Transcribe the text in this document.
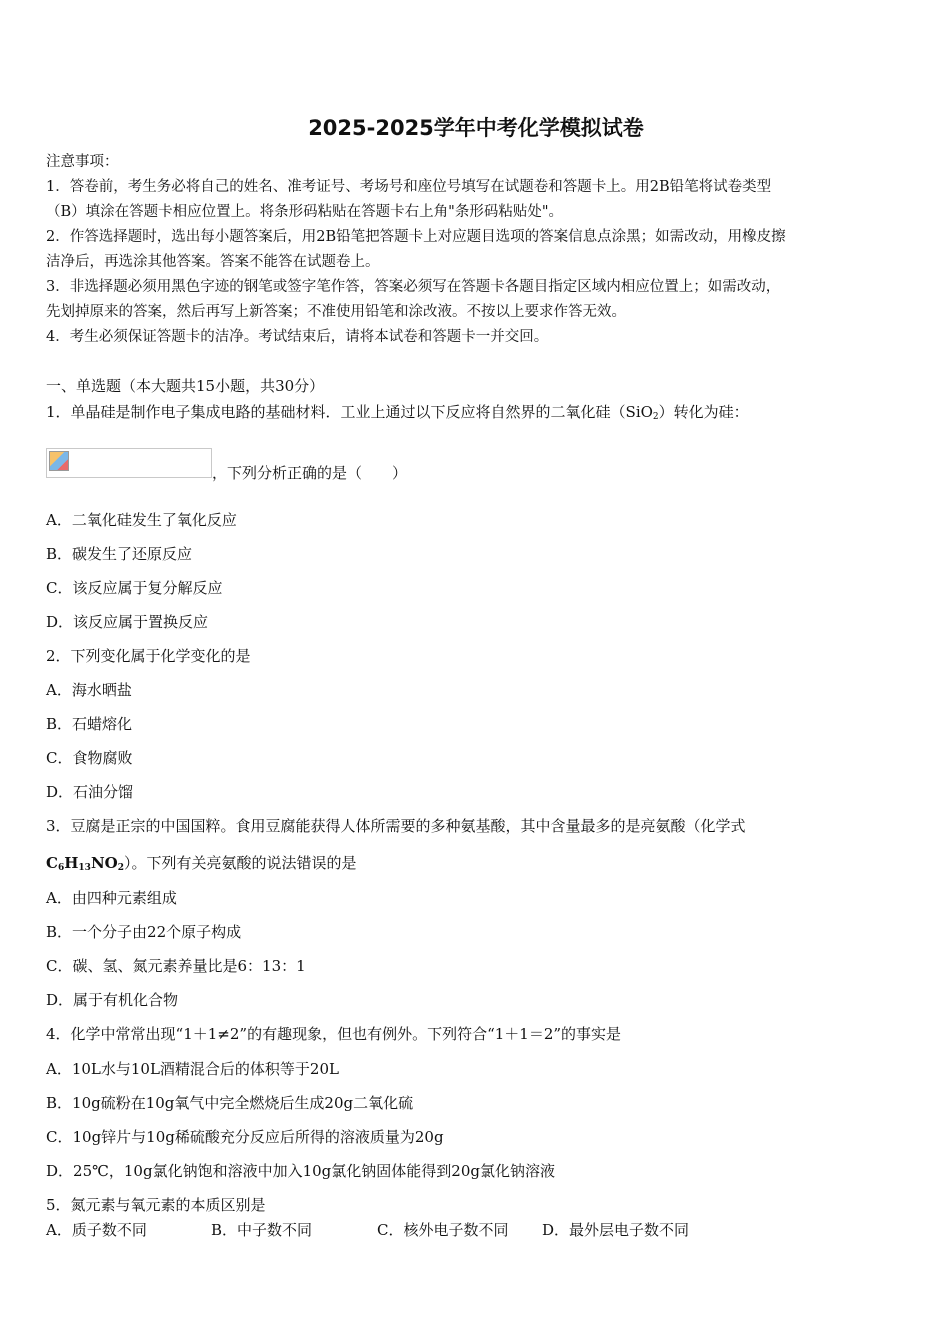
2025-2025学年中考化学模拟试卷
注意事项：
1．答卷前，考生务必将自己的姓名、准考证号、考场号和座位号填写在试题卷和答题卡上。用2B铅笔将试卷类型
（B）填涂在答题卡相应位置上。将条形码粘贴在答题卡右上角"条形码粘贴处"。
2．作答选择题时，选出每小题答案后，用2B铅笔把答题卡上对应题目选项的答案信息点涂黑；如需改动，用橡皮擦
洁净后，再选涂其他答案。答案不能答在试题卷上。
3．非选择题必须用黑色字迹的钢笔或签字笔作答，答案必须写在答题卡各题目指定区域内相应位置上；如需改动，
先划掉原来的答案，然后再写上新答案；不准使用铅笔和涂改液。不按以上要求作答无效。
4．考生必须保证答题卡的洁净。考试结束后，请将本试卷和答题卡一并交回。
一、单选题（本大题共15小题，共30分）
1．单晶硅是制作电子集成电路的基础材料．工业上通过以下反应将自然界的二氧化硅（SiO$_2$）转化为硅：
，下列分析正确的是（　　）
A．二氧化硅发生了氧化反应
B．碳发生了还原反应
C．该反应属于复分解反应
D．该反应属于置换反应
2．下列变化属于化学变化的是
A．海水晒盐
B．石蜡熔化
C．食物腐败
D．石油分馏
3．豆腐是正宗的中国国粹。食用豆腐能获得人体所需要的多种氨基酸，其中含量最多的是亮氨酸（化学式
$C_6H_{13}NO_2$）。下列有关亮氨酸的说法错误的是
A．由四种元素组成
B．一个分子由22个原子构成
C．碳、氢、氮元素养量比是6：13：1
D．属于有机化合物
4．化学中常常出现“1＋1≠2”的有趣现象，但也有例外。下列符合“1＋1＝2”的事实是
A．10L水与10L酒精混合后的体积等于20L
B．10g硫粉在10g氧气中完全燃烧后生成20g二氧化硫
C．10g锌片与10g稀硫酸充分反应后所得的溶液质量为20g
D．25℃，10g氯化钠饱和溶液中加入10g氯化钠固体能得到20g氯化钠溶液
5．氮元素与氧元素的本质区别是
A．质子数不同	B．中子数不同	C．核外电子数不同 D．最外层电子数不同
